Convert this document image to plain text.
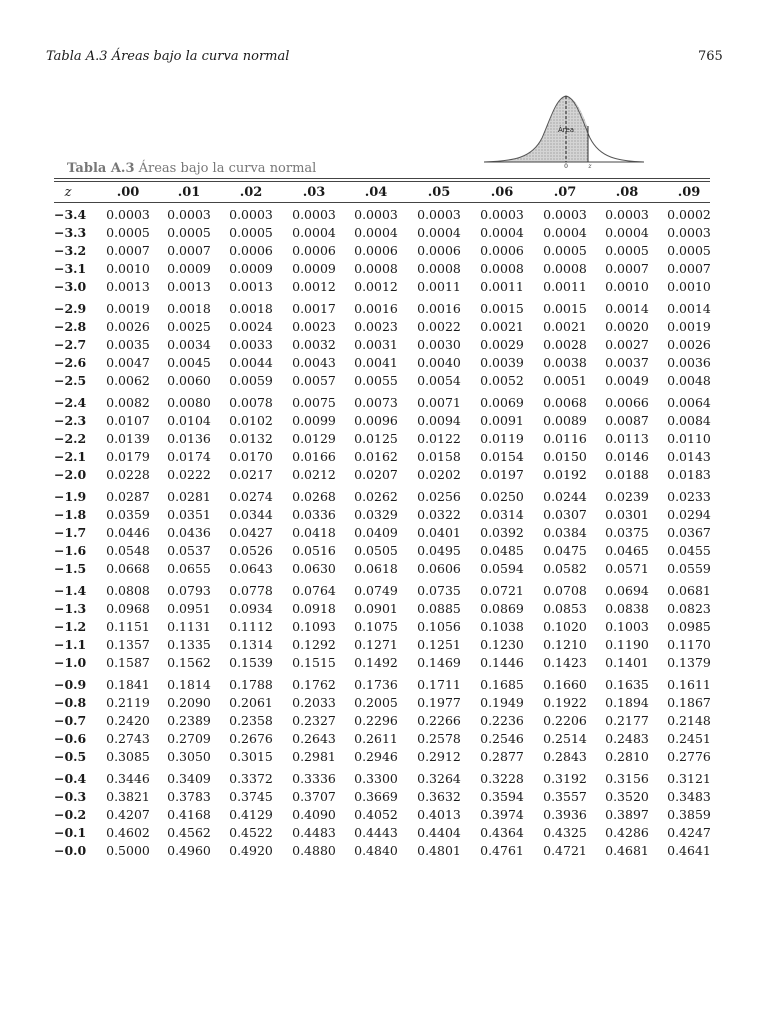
Tabla A.3 Áreas bajo la curva normal	765
Área
0	z
Tabla A.3 Áreas bajo la curva normal
z	.00	.01	.02	.03	.04	.05	.06	.07	.08	.09
−3.4	0.0003	0.0003	0.0003	0.0003	0.0003	0.0003	0.0003	0.0003	0.0003	0.0002
−3.3	0.0005	0.0005	0.0005	0.0004	0.0004	0.0004	0.0004	0.0004	0.0004	0.0003
−3.2	0.0007	0.0007	0.0006	0.0006	0.0006	0.0006	0.0006	0.0005	0.0005	0.0005
−3.1	0.0010	0.0009	0.0009	0.0009	0.0008	0.0008	0.0008	0.0008	0.0007	0.0007
−3.0	0.0013	0.0013	0.0013	0.0012	0.0012	0.0011	0.0011	0.0011	0.0010	0.0010
−2.9	0.0019	0.0018	0.0018	0.0017	0.0016	0.0016	0.0015	0.0015	0.0014	0.0014
−2.8	0.0026	0.0025	0.0024	0.0023	0.0023	0.0022	0.0021	0.0021	0.0020	0.0019
−2.7	0.0035	0.0034	0.0033	0.0032	0.0031	0.0030	0.0029	0.0028	0.0027	0.0026
−2.6	0.0047	0.0045	0.0044	0.0043	0.0041	0.0040	0.0039	0.0038	0.0037	0.0036
−2.5	0.0062	0.0060	0.0059	0.0057	0.0055	0.0054	0.0052	0.0051	0.0049	0.0048
−2.4	0.0082	0.0080	0.0078	0.0075	0.0073	0.0071	0.0069	0.0068	0.0066	0.0064
−2.3	0.0107	0.0104	0.0102	0.0099	0.0096	0.0094	0.0091	0.0089	0.0087	0.0084
−2.2	0.0139	0.0136	0.0132	0.0129	0.0125	0.0122	0.0119	0.0116	0.0113	0.0110
−2.1	0.0179	0.0174	0.0170	0.0166	0.0162	0.0158	0.0154	0.0150	0.0146	0.0143
−2.0	0.0228	0.0222	0.0217	0.0212	0.0207	0.0202	0.0197	0.0192	0.0188	0.0183
−1.9	0.0287	0.0281	0.0274	0.0268	0.0262	0.0256	0.0250	0.0244	0.0239	0.0233
−1.8	0.0359	0.0351	0.0344	0.0336	0.0329	0.0322	0.0314	0.0307	0.0301	0.0294
−1.7	0.0446	0.0436	0.0427	0.0418	0.0409	0.0401	0.0392	0.0384	0.0375	0.0367
−1.6	0.0548	0.0537	0.0526	0.0516	0.0505	0.0495	0.0485	0.0475	0.0465	0.0455
−1.5	0.0668	0.0655	0.0643	0.0630	0.0618	0.0606	0.0594	0.0582	0.0571	0.0559
−1.4	0.0808	0.0793	0.0778	0.0764	0.0749	0.0735	0.0721	0.0708	0.0694	0.0681
−1.3	0.0968	0.0951	0.0934	0.0918	0.0901	0.0885	0.0869	0.0853	0.0838	0.0823
−1.2	0.1151	0.1131	0.1112	0.1093	0.1075	0.1056	0.1038	0.1020	0.1003	0.0985
−1.1	0.1357	0.1335	0.1314	0.1292	0.1271	0.1251	0.1230	0.1210	0.1190	0.1170
−1.0	0.1587	0.1562	0.1539	0.1515	0.1492	0.1469	0.1446	0.1423	0.1401	0.1379
−0.9	0.1841	0.1814	0.1788	0.1762	0.1736	0.1711	0.1685	0.1660	0.1635	0.1611
−0.8	0.2119	0.2090	0.2061	0.2033	0.2005	0.1977	0.1949	0.1922	0.1894	0.1867
−0.7	0.2420	0.2389	0.2358	0.2327	0.2296	0.2266	0.2236	0.2206	0.2177	0.2148
−0.6	0.2743	0.2709	0.2676	0.2643	0.2611	0.2578	0.2546	0.2514	0.2483	0.2451
−0.5	0.3085	0.3050	0.3015	0.2981	0.2946	0.2912	0.2877	0.2843	0.2810	0.2776
−0.4	0.3446	0.3409	0.3372	0.3336	0.3300	0.3264	0.3228	0.3192	0.3156	0.3121
−0.3	0.3821	0.3783	0.3745	0.3707	0.3669	0.3632	0.3594	0.3557	0.3520	0.3483
−0.2	0.4207	0.4168	0.4129	0.4090	0.4052	0.4013	0.3974	0.3936	0.3897	0.3859
−0.1	0.4602	0.4562	0.4522	0.4483	0.4443	0.4404	0.4364	0.4325	0.4286	0.4247
−0.0	0.5000	0.4960	0.4920	0.4880	0.4840	0.4801	0.4761	0.4721	0.4681	0.4641
